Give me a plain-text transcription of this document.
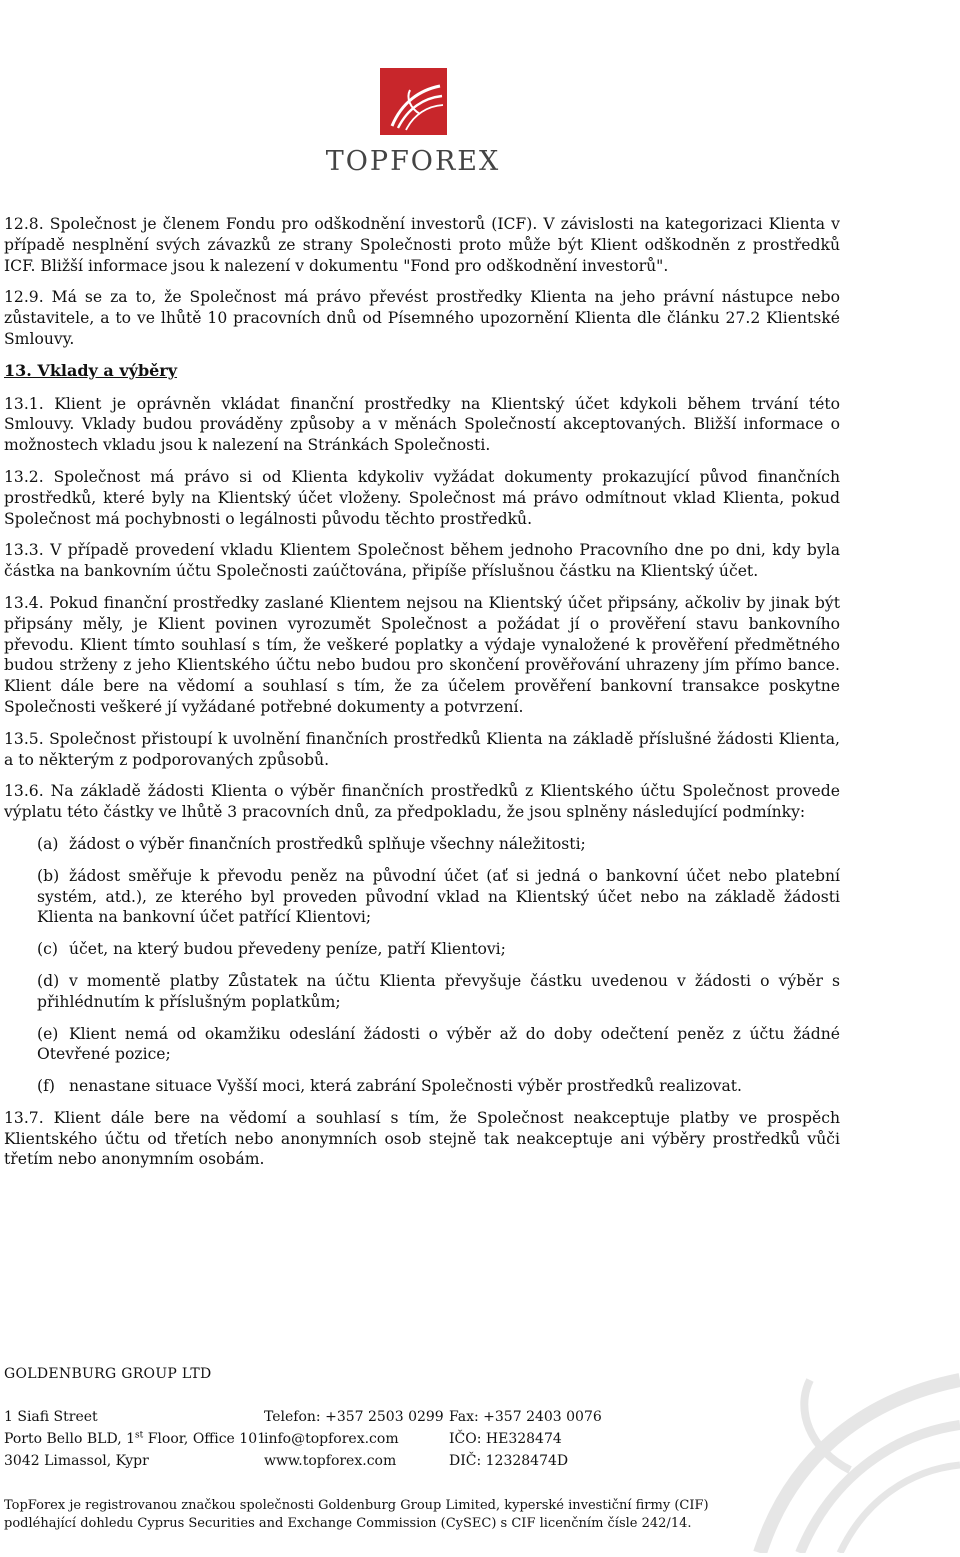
TOPFOREX

12.8. Společnost je členem Fondu pro odškodnění investorů (ICF). V závislosti na kategorizaci Klienta v případě nesplnění svých závazků ze strany Společnosti proto může být Klient odškodněn z prostředků ICF. Bližší informace jsou k nalezení v dokumentu "Fond pro odškodnění investorů".

12.9. Má se za to, že Společnost má právo převést prostředky Klienta na jeho právní nástupce nebo zůstavitele, a to ve lhůtě 10 pracovních dnů od Písemného upozornění Klienta dle článku 27.2 Klientské Smlouvy.

13. Vklady a výběry

13.1. Klient je oprávněn vkládat finanční prostředky na Klientský účet kdykoli během trvání této Smlouvy. Vklady budou prováděny způsoby a v měnách Společností akceptovaných. Bližší informace o možnostech vkladu jsou k nalezení na Stránkách Společnosti.

13.2. Společnost má právo si od Klienta kdykoliv vyžádat dokumenty prokazující původ finančních prostředků, které byly na Klientský účet vloženy. Společnost má právo odmítnout vklad Klienta, pokud Společnost má pochybnosti o legálnosti původu těchto prostředků.

13.3. V případě provedení vkladu Klientem Společnost během jednoho Pracovního dne po dni, kdy byla částka na bankovním účtu Společnosti zaúčtována, připíše příslušnou částku na Klientský účet.

13.4. Pokud finanční prostředky zaslané Klientem nejsou na Klientský účet připsány, ačkoliv by jinak být připsány měly, je Klient povinen vyrozumět Společnost a požádat jí o prověření stavu bankovního převodu. Klient tímto souhlasí s tím, že veškeré poplatky a výdaje vynaložené k prověření předmětného budou strženy z jeho Klientského účtu nebo budou pro skončení prověřování uhrazeny jím přímo bance. Klient dále bere na vědomí a souhlasí s tím, že za účelem prověření bankovní transakce poskytne Společnosti veškeré jí vyžádané potřebné dokumenty a potvrzení.

13.5. Společnost přistoupí k uvolnění finančních prostředků Klienta na základě příslušné žádosti Klienta, a to některým z podporovaných způsobů.

13.6. Na základě žádosti Klienta o výběr finančních prostředků z Klientského účtu Společnost provede výplatu této částky ve lhůtě 3 pracovních dnů, za předpokladu, že jsou splněny následující podmínky:

(a) žádost o výběr finančních prostředků splňuje všechny náležitosti;
(b) žádost směřuje k převodu peněz na původní účet (ať si jedná o bankovní účet nebo platební systém, atd.), ze kterého byl proveden původní vklad na Klientský účet nebo na základě žádosti Klienta na bankovní účet patřící Klientovi;
(c) účet, na který budou převedeny peníze, patří Klientovi;
(d) v momentě platby Zůstatek na účtu Klienta převyšuje částku uvedenou v žádosti o výběr s přihlédnutím k příslušným poplatkům;
(e) Klient nemá od okamžiku odeslání žádosti o výběr až do doby odečtení peněz z účtu žádné Otevřené pozice;
(f) nenastane situace Vyšší moci, která zabrání Společnosti výběr prostředků realizovat.

13.7. Klient dále bere na vědomí a souhlasí s tím, že Společnost neakceptuje platby ve prospěch Klientského účtu od třetích nebo anonymních osob stejně tak neakceptuje ani výběry prostředků vůči třetím nebo anonymním osobám.

GOLDENBURG GROUP LTD
1 Siafi Street
Porto Bello BLD, 1st Floor, Office 101
3042 Limassol, Kypr
Telefon: +357 2503 0299
info@topforex.com
www.topforex.com
Fax: +357 2403 0076
IČO: HE328474
DIČ: 12328474D
TopForex je registrovanou značkou společnosti Goldenburg Group Limited, kyperské investiční firmy (CIF)
podléhající dohledu Cyprus Securities and Exchange Commission (CySEC) s CIF licenčním čísle 242/14.
